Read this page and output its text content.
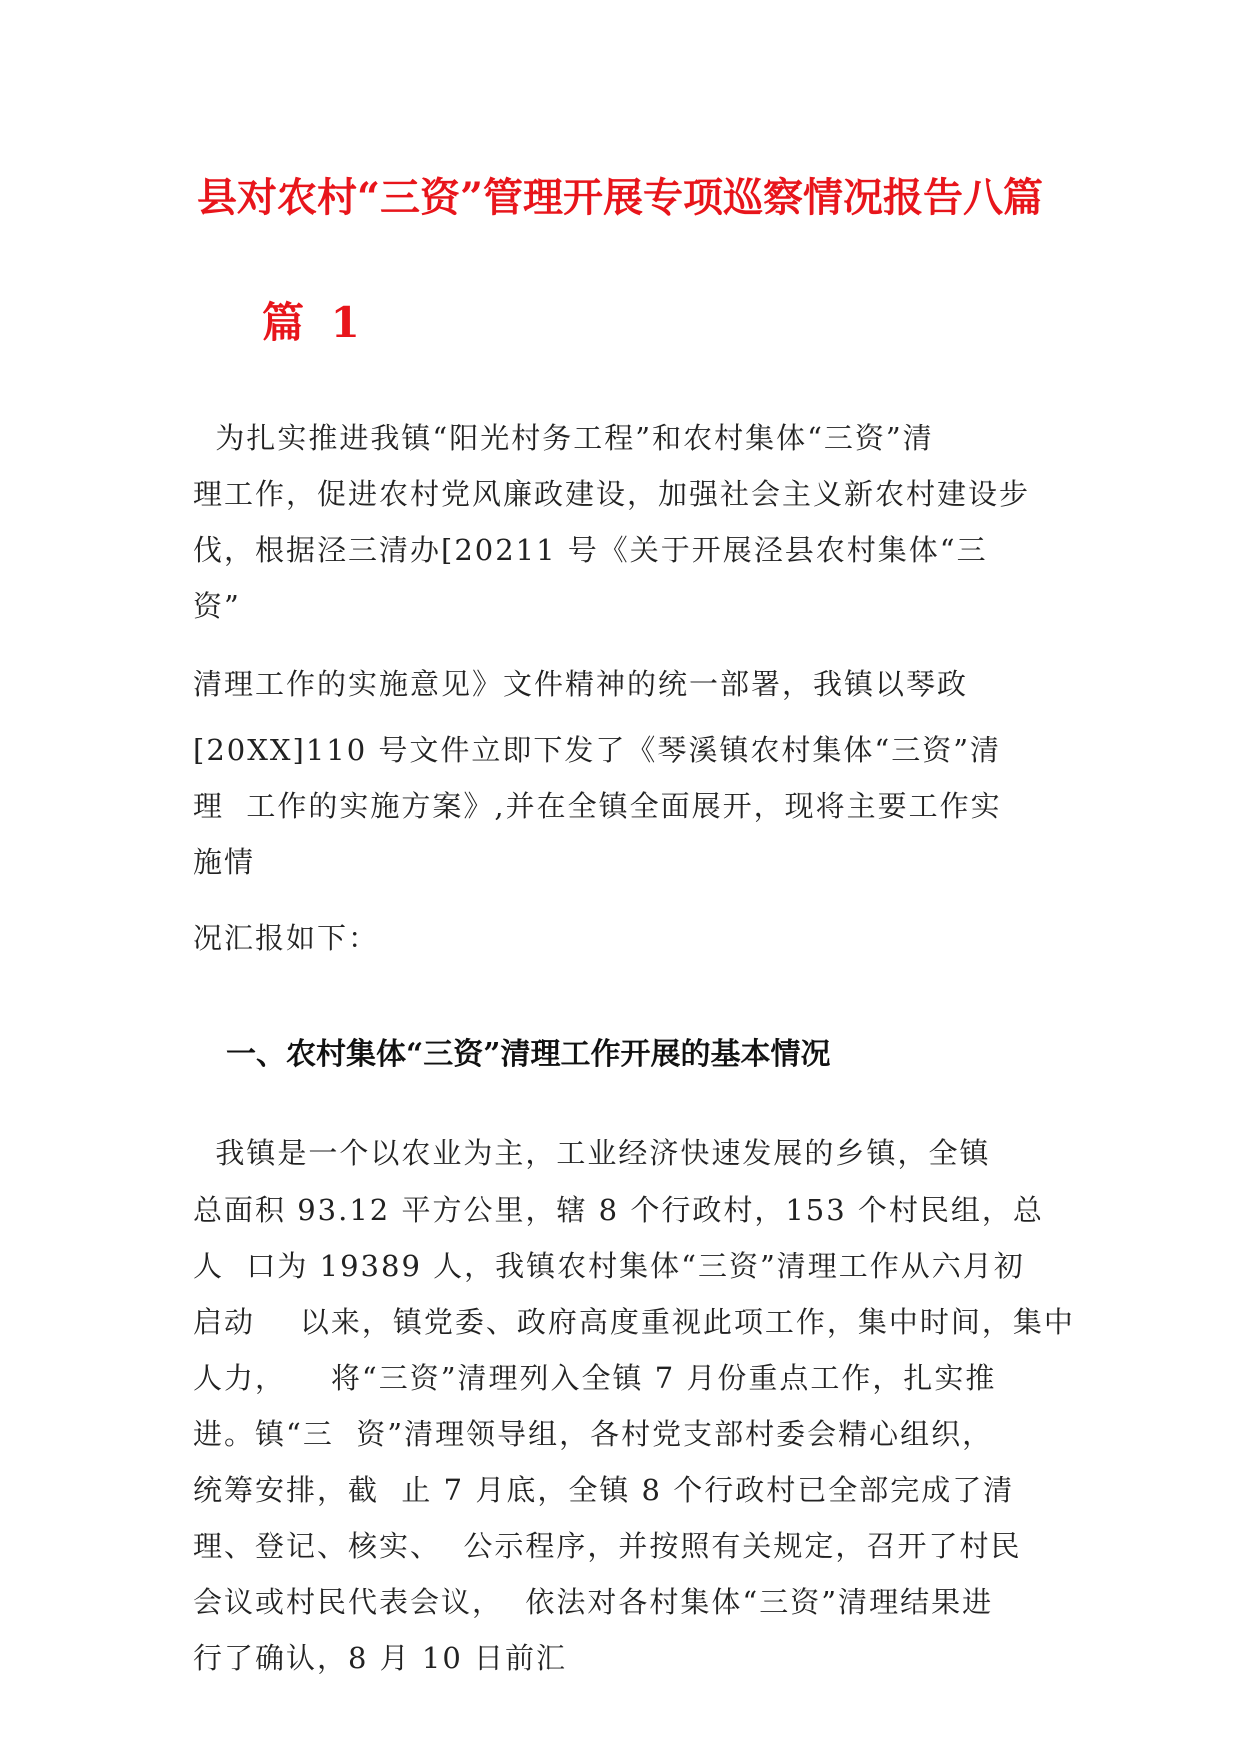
县对农村“三资”管理开展专项巡察情况报告八篇
篇 1
为扎实推进我镇“阳光村务工程”和农村集体“三资”清
理工作，促进农村党风廉政建设，加强社会主义新农村建设步
伐，根据泾三清办[20211 号《关于开展泾县农村集体“三
资”
清理工作的实施意见》文件精神的统一部署，我镇以琴政
[20XX]110 号文件立即下发了《琴溪镇农村集体“三资”清
理  工作的实施方案》,并在全镇全面展开，现将主要工作实
施情
况汇报如下：
一、农村集体“三资”清理工作开展的基本情况
我镇是一个以农业为主，工业经济快速发展的乡镇，全镇
总面积 93.12 平方公里，辖 8 个行政村，153 个村民组，总
人  口为 19389 人，我镇农村集体“三资”清理工作从六月初
启动    以来，镇党委、政府高度重视此项工作，集中时间，集中
人力，    将“三资”清理列入全镇 7 月份重点工作，扎实推
进。镇“三  资”清理领导组，各村党支部村委会精心组织，
统筹安排，截  止 7 月底，全镇 8 个行政村已全部完成了清
理、登记、核实、  公示程序，并按照有关规定，召开了村民
会议或村民代表会议，  依法对各村集体“三资”清理结果进
行了确认，8 月 10 日前汇
